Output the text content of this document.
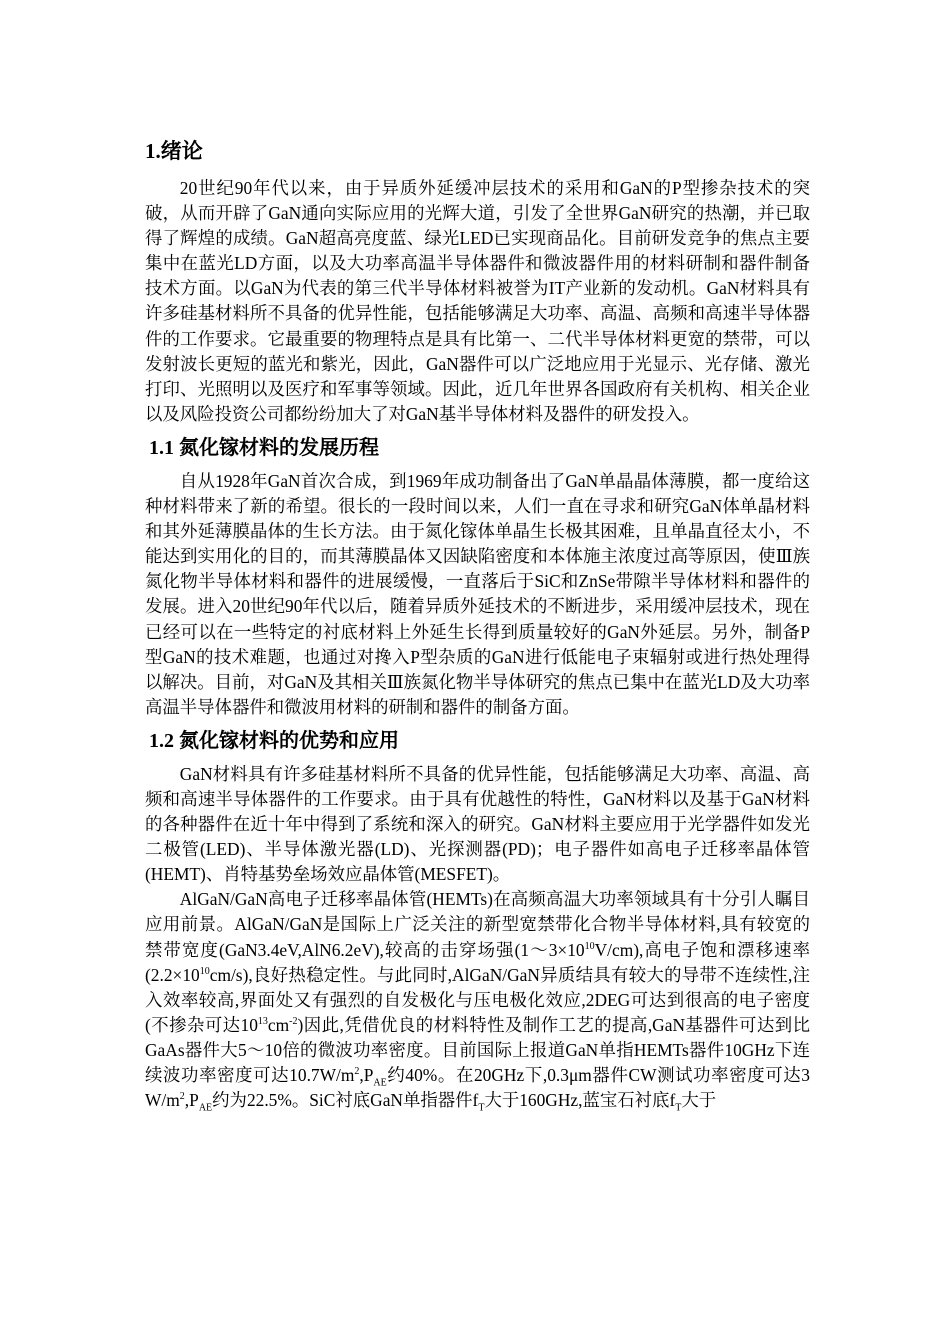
1.绪论

20世纪90年代以来，由于异质外延缓冲层技术的采用和GaN的P型掺杂技术的突破，从而开辟了GaN通向实际应用的光辉大道，引发了全世界GaN研究的热潮，并已取得了辉煌的成绩。GaN超高亮度蓝、绿光LED已实现商品化。目前研发竞争的焦点主要集中在蓝光LD方面，以及大功率高温半导体器件和微波器件用的材料研制和器件制备技术方面。以GaN为代表的第三代半导体材料被誉为IT产业新的发动机。GaN材料具有许多硅基材料所不具备的优异性能，包括能够满足大功率、高温、高频和高速半导体器件的工作要求。它最重要的物理特点是具有比第一、二代半导体材料更宽的禁带，可以发射波长更短的蓝光和紫光，因此，GaN器件可以广泛地应用于光显示、光存储、激光打印、光照明以及医疗和军事等领域。因此，近几年世界各国政府有关机构、相关企业以及风险投资公司都纷纷加大了对GaN基半导体材料及器件的研发投入。

1.1 氮化镓材料的发展历程

自从1928年GaN首次合成，到1969年成功制备出了GaN单晶晶体薄膜，都一度给这种材料带来了新的希望。很长的一段时间以来，人们一直在寻求和研究GaN体单晶材料和其外延薄膜晶体的生长方法。由于氮化镓体单晶生长极其困难，且单晶直径太小，不能达到实用化的目的，而其薄膜晶体又因缺陷密度和本体施主浓度过高等原因，使Ⅲ族氮化物半导体材料和器件的进展缓慢，一直落后于SiC和ZnSe带隙半导体材料和器件的发展。进入20世纪90年代以后，随着异质外延技术的不断进步，采用缓冲层技术，现在已经可以在一些特定的衬底材料上外延生长得到质量较好的GaN外延层。另外，制备P型GaN的技术难题，也通过对搀入P型杂质的GaN进行低能电子束辐射或进行热处理得以解决。目前，对GaN及其相关Ⅲ族氮化物半导体研究的焦点已集中在蓝光LD及大功率高温半导体器件和微波用材料的研制和器件的制备方面。

1.2 氮化镓材料的优势和应用

GaN材料具有许多硅基材料所不具备的优异性能，包括能够满足大功率、高温、高频和高速半导体器件的工作要求。由于具有优越性的特性，GaN材料以及基于GaN材料的各种器件在近十年中得到了系统和深入的研究。GaN材料主要应用于光学器件如发光二极管(LED)、半导体激光器(LD)、光探测器(PD)；电子器件如高电子迁移率晶体管(HEMT)、肖特基势垒场效应晶体管(MESFET)。

AlGaN/GaN高电子迁移率晶体管(HEMTs)在高频高温大功率领域具有十分引人瞩目应用前景。AlGaN/GaN是国际上广泛关注的新型宽禁带化合物半导体材料,具有较宽的禁带宽度(GaN3.4eV,AlN6.2eV),较高的击穿场强$(1\sim 3\times 10^{10}V/cm)$,高电子饱和漂移速率$(2.2\times 10^{10}cm/s)$,良好热稳定性。与此同时,AlGaN/GaN异质结具有较大的导带不连续性,注入效率较高,界面处又有强烈的自发极化与压电极化效应,2DEG可达到很高的电子密度(不掺杂可达$10^{13}cm^{-2}$)因此,凭借优良的材料特性及制作工艺的提高,GaN基器件可达到比GaAs器件大5～10倍的微波功率密度。目前国际上报道GaN单指HEMTs器件10GHz下连续波功率密度可达$10.7W/m^2,P_{AE}$约40%。在20GHz下,0.3μm器件CW测试功率密度可达3 $W/m^2,P_{AE}$约为22.5%。SiC衬底GaN单指器件$f_T$大于160GHz,蓝宝石衬底$f_T$大于
